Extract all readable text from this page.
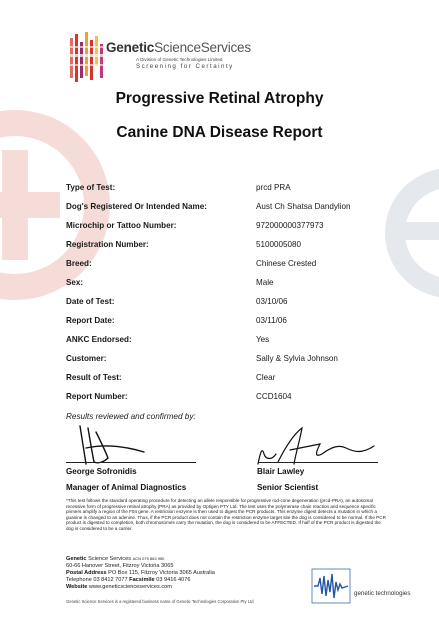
GeneticScienceServices
A Division of Genetic Technologies Limited
Screening for Certainty
Progressive Retinal Atrophy
Canine DNA Disease Report
Type of Test:	prcd PRA
Dog's Registered Or Intended Name:	Aust Ch Shatsa Dandylion
Microchip or Tattoo Number:	972000000377973
Registration Number:	5100005080
Breed:	Chinese Crested
Sex:	Male
Date of Test:	03/10/06
Report Date:	03/11/06
ANKC Endorsed:	Yes
Customer:	Sally & Sylvia Johnson
Result of Test:	Clear
Report Number:	CCD1604
Results reviewed and confirmed by:
George Sofronidis
Manager of Animal Diagnostics
Blair Lawley
Senior Scientist
*This test follows the standard operating procedure for detecting an allele responsible for progressive rod-cone degeneration (prcd-PRA), an autosomal recessive form of progressive retinal atrophy (PRA) as provided by Optigen PTY Ltd. The test uses the polymerase chain reaction and sequence specific primers amplify a region of the F04 gene. A restriction enzyme is then used to digest the PCR products. This enzyme digest detects a mutation in which a guanine is changed to an adenine. Thus, if the PCR product does not contain the restriction enzyme target site the dog is considered to be normal. If the PCR product is digested to completion, both chromosomes carry the mutation, the dog is considered to be AFFECTED. If half of the PCR product is digested the dog is considered to be a carrier.
Genetic Science Services ACN 075 863 950
60-66 Hanover Street, Fitzroy Victoria 3065
Postal Address PO Box 115, Fitzroy Victoria 3065 Australia
Telephone 03 8412 7077 Facsimile 03 9416 4076
Website www.geneticscienceservices.com
Genetic Science Services is a registered business name of Genetic Technologies Corporation Pty Ltd
genetic technologies
